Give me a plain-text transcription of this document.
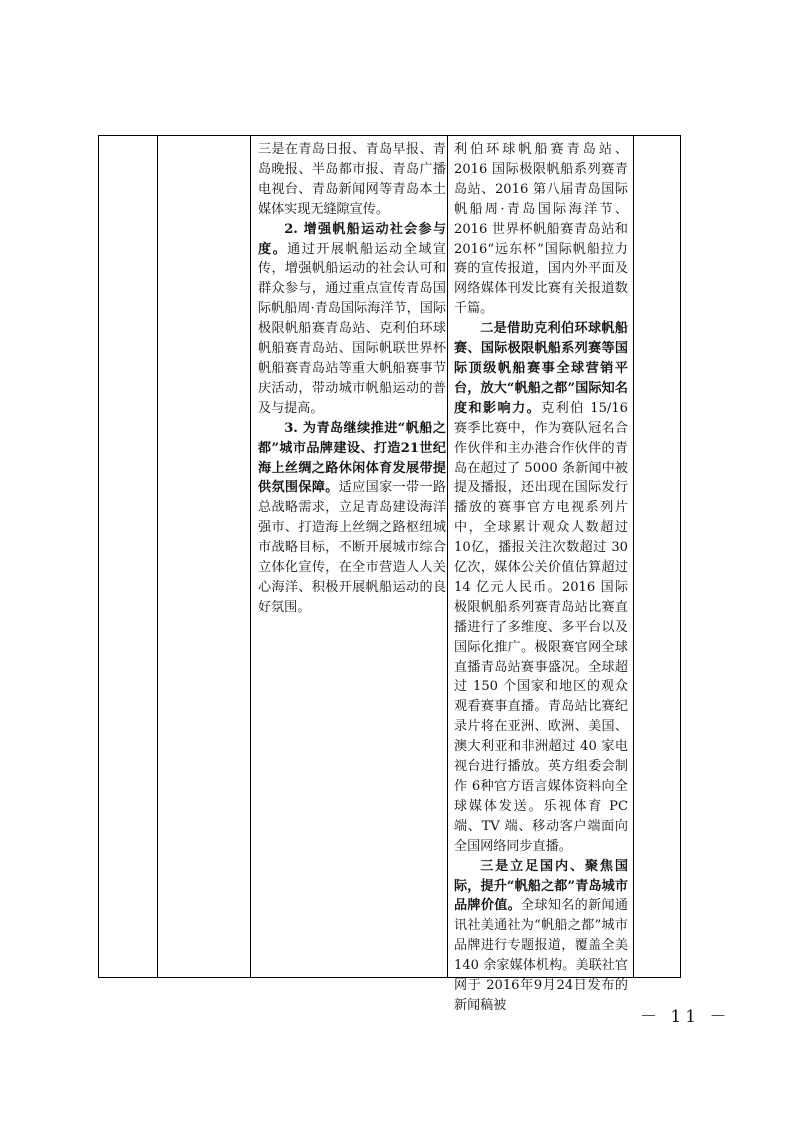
三是在青岛日报、青岛早报、青岛晚报、半岛都市报、青岛广播电视台、青岛新闻网等青岛本土媒体实现无缝隙宣传。

2. 增强帆船运动社会参与度。通过开展帆船运动全域宣传，增强帆船运动的社会认可和群众参与，通过重点宣传青岛国际帆船周·青岛国际海洋节，国际极限帆船赛青岛站、克利伯环球帆船赛青岛站、国际帆联世界杯帆船赛青岛站等重大帆船赛事节庆活动，带动城市帆船运动的普及与提高。

3. 为青岛继续推进“帆船之都”城市品牌建设、打造21世纪海上丝绸之路休闲体育发展带提供氛围保障。适应国家一带一路总战略需求，立足青岛建设海洋强市、打造海上丝绸之路枢纽城市战略目标，不断开展城市综合立体化宣传，在全市营造人人关心海洋、积极开展帆船运动的良好氛围。

利伯环球帆船赛青岛站、2016 国际极限帆船系列赛青岛站、2016 第八届青岛国际帆船周·青岛国际海洋节、2016 世界杯帆船赛青岛站和 2016“远东杯”国际帆船拉力赛的宣传报道，国内外平面及网络媒体刊发比赛有关报道数千篇。

二是借助克利伯环球帆船赛、国际极限帆船系列赛等国际顶级帆船赛事全球营销平台，放大“帆船之都”国际知名度和影响力。克利伯 15/16 赛季比赛中，作为赛队冠名合作伙伴和主办港合作伙伴的青岛在超过了 5000 条新闻中被提及播报，还出现在国际发行播放的赛事官方电视系列片中，全球累计观众人数超过 10亿，播报关注次数超过 30亿次，媒体公关价值估算超过 14 亿元人民币。2016 国际极限帆船系列赛青岛站比赛直播进行了多维度、多平台以及国际化推广。极限赛官网全球直播青岛站赛事盛况。全球超过 150 个国家和地区的观众观看赛事直播。青岛站比赛纪录片将在亚洲、欧洲、美国、澳大利亚和非洲超过 40 家电视台进行播放。英方组委会制作 6种官方语言媒体资料向全球媒体发送。乐视体育 PC 端、TV 端、移动客户端面向全国网络同步直播。

三是立足国内、聚焦国际，提升“帆船之都”青岛城市品牌价值。全球知名的新闻通讯社美通社为“帆船之都”城市品牌进行专题报道，覆盖全美 140 余家媒体机构。美联社官网于 2016年9月24日发布的新闻稿被

－ 11 －
